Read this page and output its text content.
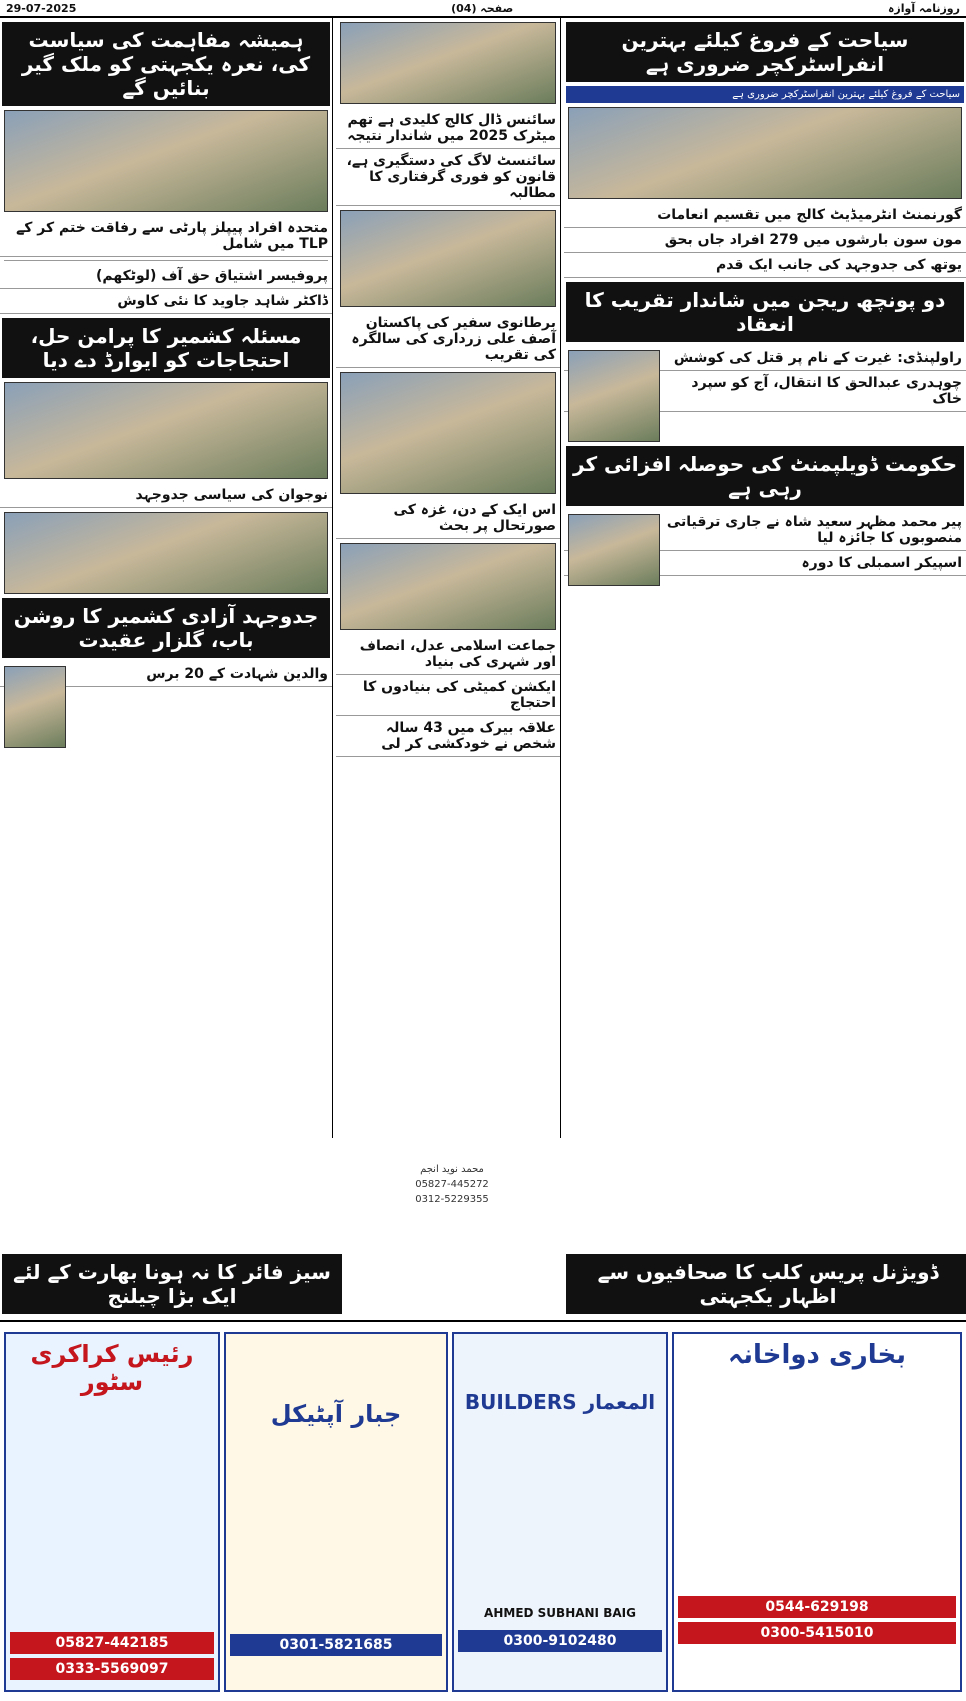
29-07-2025	صفحہ (04)	روزنامہ آوازہ
ہمیشہ مفاہمت کی سیاست کی، نعرہ یکجہتی کو ملک گیر بنائیں گے
متحدہ افراد پیپلز پارٹی سے رفاقت ختم کر کے TLP میں شامل
پروفیسر اشتیاق حق آف (لوٹکھم)
ڈاکٹر شاہد جاوید کا نئی کاوش
مسئلہ کشمیر کا پرامن حل، احتجاجات کو ایوارڈ دے دیا
نوجوان کی سیاسی جدوجہد
جدوجہد آزادی کشمیر کا روشن باب، گلزار عقیدت
والدین شہادت کے 20 برس
سائنس ڈال کالج کلیدی ہے تھم میٹرک 2025 میں شاندار نتیجہ
سائنسٹ لاگ کی دستگیری ہے، قانون کو فوری گرفتاری کا مطالبہ
برطانوی سفیر کی پاکستان آصف علی زرداری کی سالگرہ کی تقریب
اس ایک کے دن، غزہ کی صورتحال پر بحث
جماعت اسلامی عدل، انصاف اور شہری کی بنیاد
ایکشن کمیٹی کی بنیادوں کا احتجاج
علاقہ بیرک میں 43 سالہ شخص نے خودکشی کر لی
سیاحت کے فروغ کیلئے بہترین انفراسٹرکچر ضروری ہے
سیاحت کے فروغ کیلئے بہترین انفراسٹرکچر ضروری ہے
گورنمنٹ انٹرمیڈیٹ کالج میں تقسیم انعامات
مون سون بارشوں میں 279 افراد جاں بحق
یوتھ کی جدوجہد کی جانب ایک قدم
دو پونچھ ریجن میں شاندار تقریب کا انعقاد
راولپنڈی: غیرت کے نام پر قتل کی کوشش
چوہدری عبدالحق کا انتقال، آج کو سپرد خاک
حکومت ڈویلپمنٹ کی حوصلہ افزائی کر رہی ہے
پیر محمد مظہر سعید شاہ نے جاری ترقیاتی منصوبوں کا جائزہ لیا
اسپیکر اسمبلی کا دورہ
سیز فائر کا نہ ہونا بھارت کے لئے ایک بڑا چیلنج
ڈویژنل پریس کلب کا صحافیوں سے اظہار یکجہتی
محمد نوید انجم
05827-445272
0312-5229355
رئیس کراکری سٹور
05827-442185
0333-5569097
جبار آپٹیکل
0301-5821685
المعمار BUILDERS
AHMED SUBHANI BAIG
0300-9102480
بخاری دواخانہ
0544-629198
0300-5415010
